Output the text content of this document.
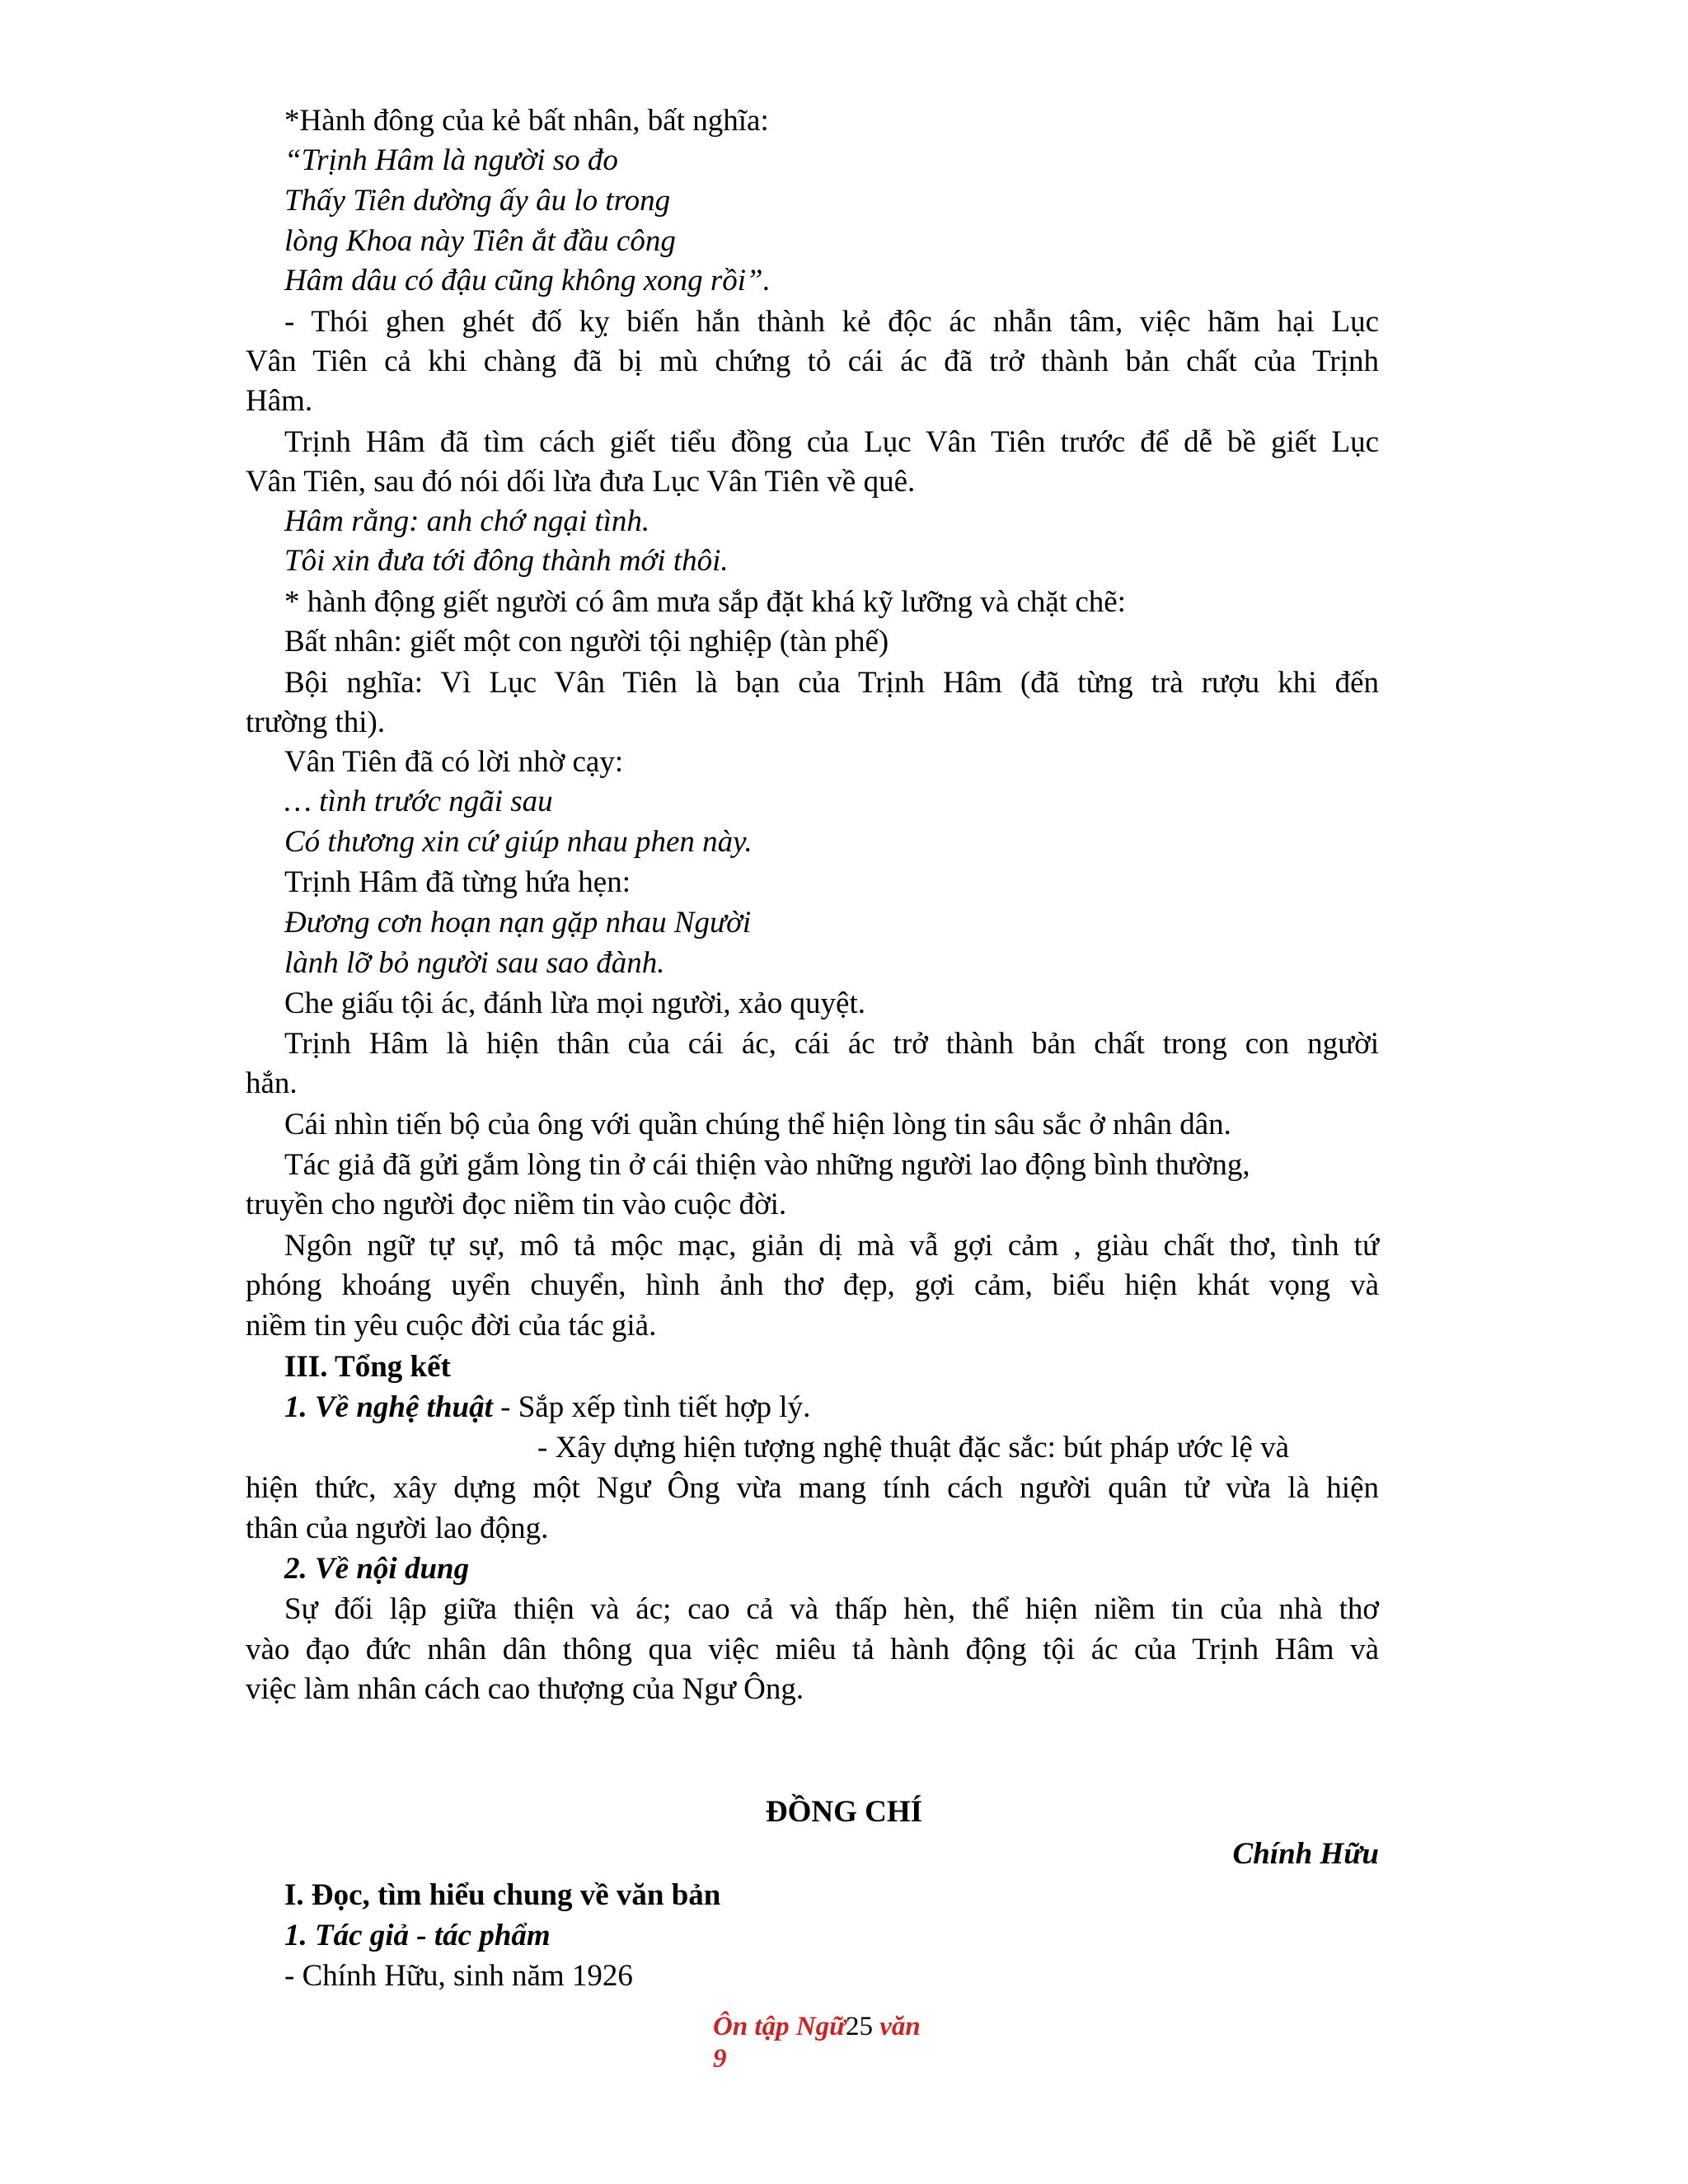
*Hành đông của kẻ bất nhân, bất nghĩa:
“Trịnh Hâm là người so đo
Thấy Tiên dường ấy âu lo trong
lòng Khoa này Tiên ắt đầu công
Hâm dâu có đậu cũng không xong rồi”.
- Thói ghen ghét đố kỵ biến hắn thành kẻ độc ác nhẫn tâm, việc hãm hại Lục
Vân Tiên cả khi chàng đã bị mù chứng tỏ cái ác đã trở thành bản chất của Trịnh
Hâm.
Trịnh Hâm đã tìm cách giết tiểu đồng của Lục Vân Tiên trước để dễ bề giết Lục
Vân Tiên, sau đó nói dối lừa đưa Lục Vân Tiên về quê.
Hâm rằng: anh chớ ngại tình.
Tôi xin đưa tới đông thành mới thôi.
* hành động giết người có âm mưa sắp đặt khá kỹ lưỡng và chặt chẽ:
Bất nhân: giết một con người tội nghiệp (tàn phế)
Bội nghĩa: Vì Lục Vân Tiên là bạn của Trịnh Hâm (đã từng trà rượu khi đến
trường thi).
Vân Tiên đã có lời nhờ cạy:
… tình trước ngãi sau
Có thương xin cứ giúp nhau phen này.
Trịnh Hâm đã từng hứa hẹn:
Đương cơn hoạn nạn gặp nhau Người
lành lỡ bỏ người sau sao đành.
Che giấu tội ác, đánh lừa mọi người, xảo quyệt.
Trịnh Hâm là hiện thân của cái ác, cái ác trở thành bản chất trong con người
hắn.
Cái nhìn tiến bộ của ông với quần chúng thể hiện lòng tin sâu sắc ở nhân dân.
Tác giả đã gửi gắm lòng tin ở cái thiện vào những người lao động bình thường,
truyền cho người đọc niềm tin vào cuộc đời.
Ngôn ngữ tự sự, mô tả mộc mạc, giản dị mà vẫ gợi cảm , giàu chất thơ, tình tứ
phóng khoáng uyển chuyển, hình ảnh thơ đẹp, gợi cảm, biểu hiện khát vọng và
niềm tin yêu cuộc đời của tác giả.
III. Tổng kết
1. Về nghệ thuật - Sắp xếp tình tiết hợp lý.
- Xây dựng hiện tượng nghệ thuật đặc sắc: bút pháp ước lệ và
hiện thức, xây dựng một Ngư Ông vừa mang tính cách người quân tử vừa là hiện
thân của người lao động.
2. Về nội dung
Sự đối lập giữa thiện và ác; cao cả và thấp hèn, thể hiện niềm tin của nhà thơ
vào đạo đức nhân dân thông qua việc miêu tả hành động tội ác của Trịnh Hâm và
việc làm nhân cách cao thượng của Ngư Ông.
ĐỒNG CHÍ
Chính Hữu
I. Đọc, tìm hiểu chung về văn bản
1. Tác giả - tác phẩm
- Chính Hữu, sinh năm 1926
Ôn tập Ngữ25 văn
9
